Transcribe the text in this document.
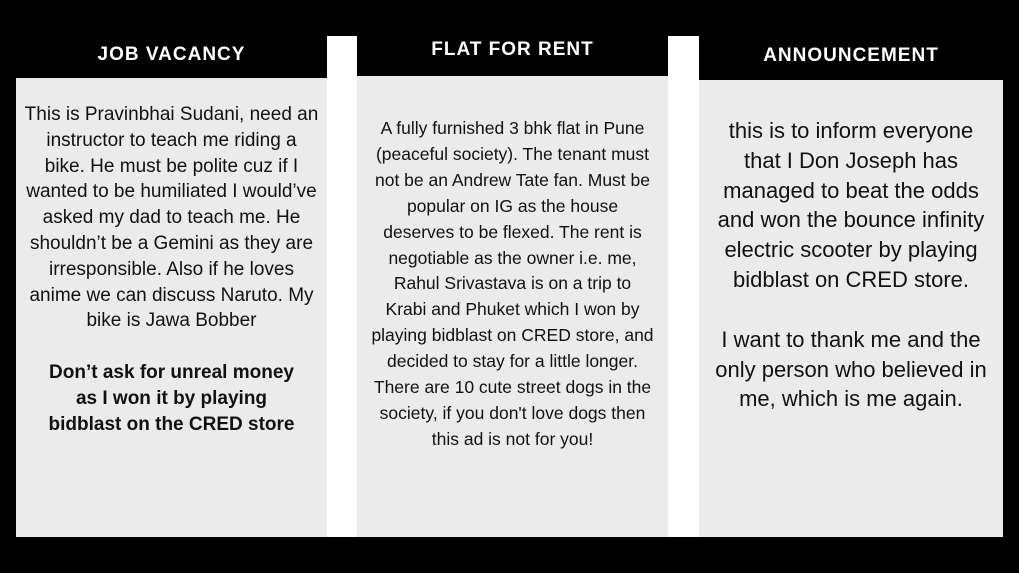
JOB VACANCY

This is Pravinbhai Sudani, need an instructor to teach me riding a bike. He must be polite cuz if I wanted to be humiliated I would’ve asked my dad to teach me. He shouldn’t be a Gemini as they are irresponsible. Also if he loves anime we can discuss Naruto. My bike is Jawa Bobber

Don’t ask for unreal money as I won it by playing bidblast on the CRED store

FLAT FOR RENT

A fully furnished 3 bhk flat in Pune (peaceful society). The tenant must not be an Andrew Tate fan. Must be popular on IG as the house deserves to be flexed. The rent is negotiable as the owner i.e. me, Rahul Srivastava is on a trip to Krabi and Phuket which I won by playing bidblast on CRED store, and decided to stay for a little longer. There are 10 cute street dogs in the society, if you don't love dogs then this ad is not for you!

ANNOUNCEMENT

this is to inform everyone that I Don Joseph has managed to beat the odds and won the bounce infinity electric scooter by playing bidblast on CRED store.

I want to thank me and the only person who believed in me, which is me again.
